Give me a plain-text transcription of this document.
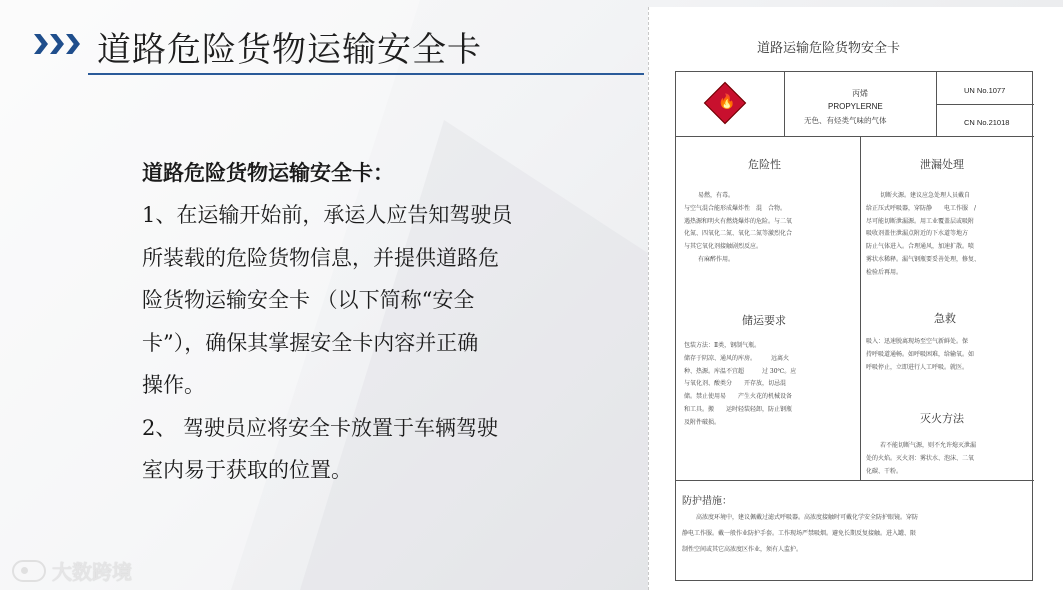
道路危险货物运输安全卡
道路危险货物运输安全卡：
1、在运输开始前，承运人应告知驾驶员
所装载的危险货物信息，并提供道路危
险货物运输安全卡 （以下简称“安全
卡”），确保其掌握安全卡内容并正确
操作。
2、 驾驶员应将安全卡放置于车辆驾驶
室内易于获取的位置。
大数跨境
道路运输危险货物安全卡
🔥
丙烯
PROPYLERNE
无色、有烃类气味的气体
UN No.1077
CN No.21018
危险性
易燃，有毒。
与空气混合能形成爆炸性　混　合物。
遇热源和明火有燃烧爆炸的危险。与二氧
化氮、四氧化二氮、氧化二氮等激烈化合
与其它氧化剂接触剧烈反应。
有麻醉作用。
泄漏处理
切断火源。建议应急处理人员戴自
给正压式呼吸器，穿防静　　电工作服　/
尽可能切断泄漏源。用工业覆盖层或吸附
吸收剂盖住泄漏点附近的下水道等地方
防止气体进入。合理通风，加速扩散。喷
雾状水稀释。漏气钢瓶要妥善处理，修复、
检验后再用。
储运要求
包装方法：Ⅱ类，钢制气瓶。
储存于阴凉、通风的库房。　　　远离火
种、热源。库温不宜超　　　过 30℃。应
与氧化剂、酸类分　　开存放，切忌混
储。禁止使用易　　产生火花的机械设备
和工具。搬　　运时轻装轻卸，防止钢瓶
及附件破损。
急救
吸入：迅速脱离现场至空气新鲜处。保
持呼吸道通畅。如呼吸困难，给输氧。如
呼吸停止，立即进行人工呼吸。就医。
灭火方法
若不能切断气源，则不允许熄灭泄漏
处的火焰。灭火剂：雾状水、泡沫、二氧
化碳、干粉。
防护措施：
高浓度环境中，建议佩戴过滤式呼吸器。高浓度接触时可戴化学安全防护眼镜。穿防
静电工作服。戴一般作业防护手套。工作现场严禁吸烟。避免长期反复接触。进入罐、限
制性空间或其它高浓度区作业，须有人监护。
